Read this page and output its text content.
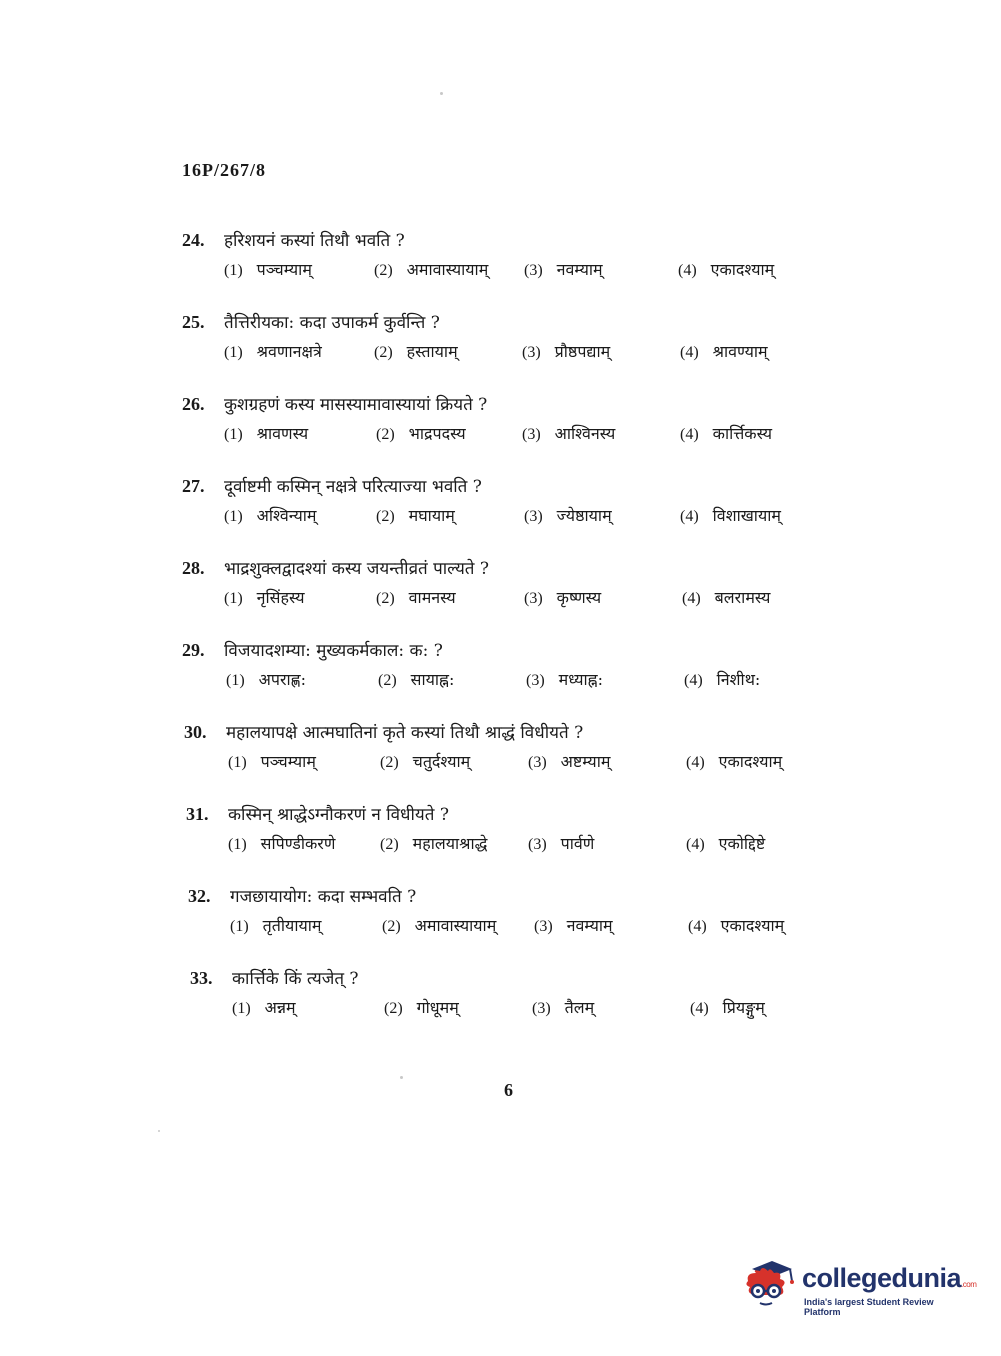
16P/267/8
24.	हरिशयनं कस्यां तिथौ भवति ?
(1) पञ्चम्याम्	(2) अमावास्यायाम् (3) नवम्याम्	(4) एकादश्याम्
25.	तैत्तिरीयका: कदा उपाकर्म कुर्वन्ति ?
(1) श्रवणानक्षत्रे	(2) हस्तायाम्	(3) प्रौष्ठपद्याम्	(4) श्रावण्याम्
26.	कुशग्रहणं कस्य मासस्यामावास्यायां क्रियते ?
(1) श्रावणस्य	(2) भाद्रपदस्य	(3) आश्विनस्य	(4) कार्त्तिकस्य
27.	दूर्वाष्टमी कस्मिन् नक्षत्रे परित्याज्या भवति ?
(1) अश्विन्याम्	(2) मघायाम्	(3) ज्येष्ठायाम्	(4) विशाखायाम्
28.	भाद्रशुक्लद्वादश्यां कस्य जयन्तीव्रतं पाल्यते ?
(1) नृसिंहस्य	(2) वामनस्य	(3) कृष्णस्य	(4) बलरामस्य
29.	विजयादशम्या: मुख्यकर्मकाल: क: ?
(1) अपराह्ण:	(2) सायाह्न:	(3) मध्याह्न:	(4) निशीथ:
30.	महालयापक्षे आत्मघातिनां कृते कस्यां तिथौ श्राद्धं विधीयते ?
(1) पञ्चम्याम्	(2) चतुर्दश्याम्	(3) अष्टम्याम्	(4) एकादश्याम्
31.	कस्मिन् श्राद्धेऽग्नौकरणं न विधीयते ?
(1) सपिण्डीकरणे	(2) महालयाश्राद्धे	(3) पार्वणे	(4) एकोद्दिष्टे
32.	गजछायायोग: कदा सम्भवति ?
(1) तृतीयायाम्	(2) अमावास्यायाम् (3) नवम्याम्	(4) एकादश्याम्
33.	कार्त्तिके किं त्यजेत् ?
(1) अन्नम्	(2) गोधूमम्	(3) तैलम्	(4) प्रियङ्गुम्
6
collegedunia.com
India's largest Student Review Platform
